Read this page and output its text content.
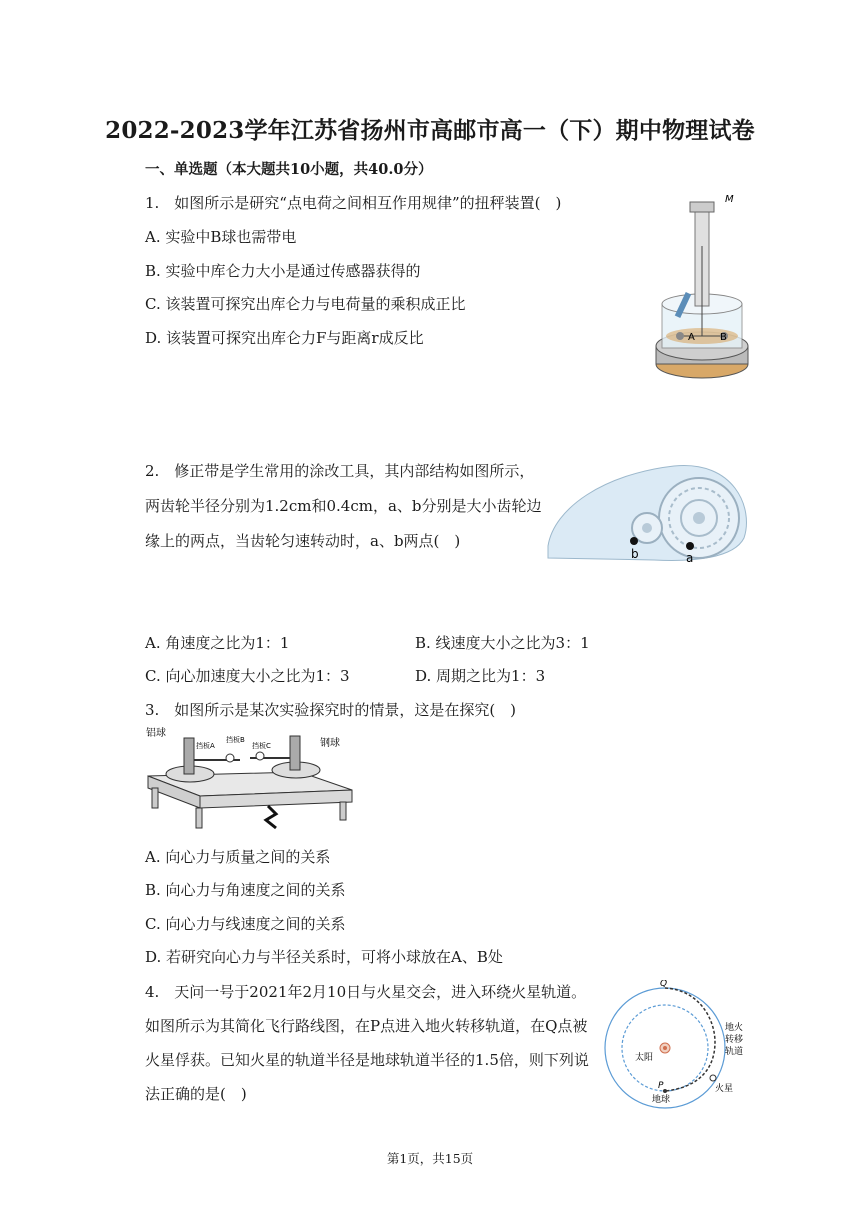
2022-2023学年江苏省扬州市高邮市高一（下）期中物理试卷
一、单选题（本大题共10小题，共40.0分）
1.　如图所示是研究“点电荷之间相互作用规律”的扭秤装置(　)
A. 实验中B球也需带电
B. 实验中库仑力大小是通过传感器获得的
C. 该装置可探究出库仑力与电荷量的乘积成正比
D. 该装置可探究出库仑力F与距离r成反比	A	B
M
2.　修正带是学生常用的涂改工具，其内部结构如图所示，
两齿轮半径分别为1.2cm和0.4cm，a、b分别是大小齿轮边
缘上的两点，当齿轮匀速转动时，a、b两点(　)
b	a
A. 角速度之比为1：1	B. 线速度大小之比为3：1
C. 向心加速度大小之比为1：3	D. 周期之比为1：3
3.　如图所示是某次实验探究时的情景，这是在探究(　)
铝球
钢球
挡板A
挡板B
挡板C
A. 向心力与质量之间的关系
B. 向心力与角速度之间的关系
C. 向心力与线速度之间的关系
D. 若研究向心力与半径关系时，可将小球放在A、B处
4.　天问一号于2021年2月10日与火星交会，进入环绕火星轨道。
如图所示为其简化飞行路线图，在P点进入地火转移轨道，在Q点被
火星俘获。已知火星的轨道半径是地球轨道半径的1.5倍，则下列说
法正确的是(　)
Q
P
太阳
地球
火星
地火
转移
轨道
第1页，共15页
